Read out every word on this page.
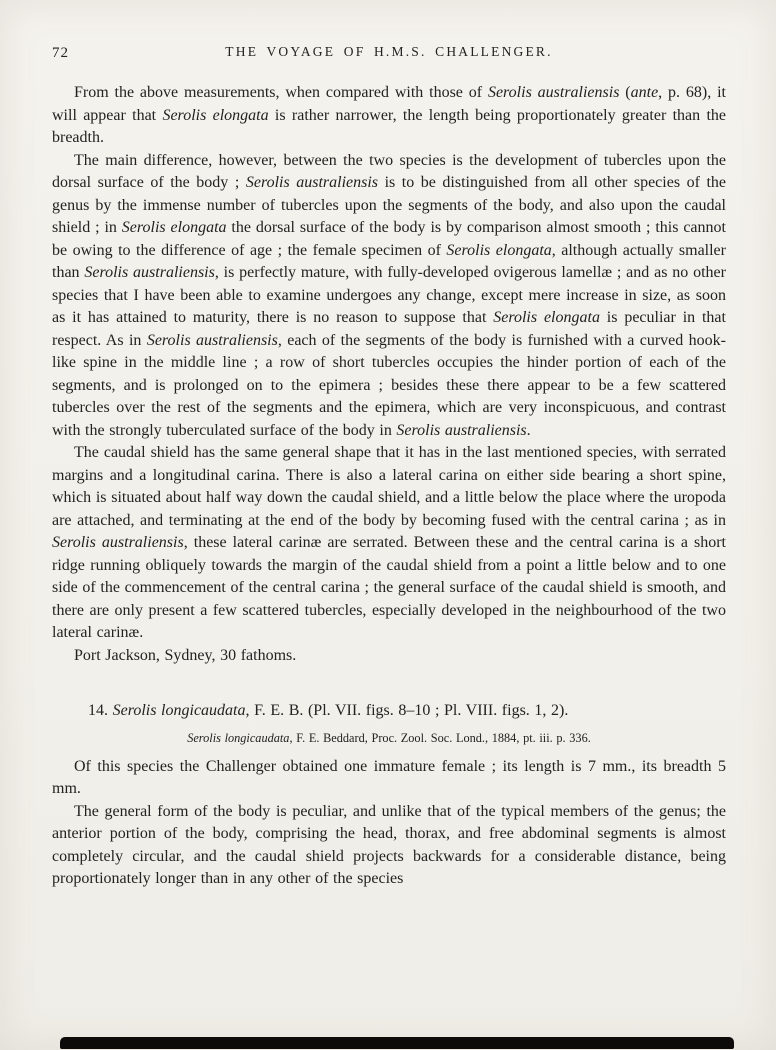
72	THE VOYAGE OF H.M.S. CHALLENGER.

From the above measurements, when compared with those of Serolis australiensis (ante, p. 68), it will appear that Serolis elongata is rather narrower, the length being proportionately greater than the breadth.

The main difference, however, between the two species is the development of tubercles upon the dorsal surface of the body ; Serolis australiensis is to be distinguished from all other species of the genus by the immense number of tubercles upon the segments of the body, and also upon the caudal shield ; in Serolis elongata the dorsal surface of the body is by comparison almost smooth ; this cannot be owing to the difference of age ; the female specimen of Serolis elongata, although actually smaller than Serolis australiensis, is perfectly mature, with fully-developed ovigerous lamellæ ; and as no other species that I have been able to examine undergoes any change, except mere increase in size, as soon as it has attained to maturity, there is no reason to suppose that Serolis elongata is peculiar in that respect. As in Serolis australiensis, each of the segments of the body is furnished with a curved hook-like spine in the middle line ; a row of short tubercles occupies the hinder portion of each of the segments, and is prolonged on to the epimera ; besides these there appear to be a few scattered tubercles over the rest of the segments and the epimera, which are very inconspicuous, and contrast with the strongly tuberculated surface of the body in Serolis australiensis.

The caudal shield has the same general shape that it has in the last mentioned species, with serrated margins and a longitudinal carina. There is also a lateral carina on either side bearing a short spine, which is situated about half way down the caudal shield, and a little below the place where the uropoda are attached, and terminating at the end of the body by becoming fused with the central carina ; as in Serolis australiensis, these lateral carinæ are serrated. Between these and the central carina is a short ridge running obliquely towards the margin of the caudal shield from a point a little below and to one side of the commencement of the central carina ; the general surface of the caudal shield is smooth, and there are only present a few scattered tubercles, especially developed in the neighbourhood of the two lateral carinæ.

Port Jackson, Sydney, 30 fathoms.

14. Serolis longicaudata, F. E. B. (Pl. VII. figs. 8–10 ; Pl. VIII. figs. 1, 2).

Serolis longicaudata, F. E. Beddard, Proc. Zool. Soc. Lond., 1884, pt. iii. p. 336.

Of this species the Challenger obtained one immature female ; its length is 7 mm., its breadth 5 mm.

The general form of the body is peculiar, and unlike that of the typical members of the genus; the anterior portion of the body, comprising the head, thorax, and free abdominal segments is almost completely circular, and the caudal shield projects backwards for a considerable distance, being proportionately longer than in any other of the species
